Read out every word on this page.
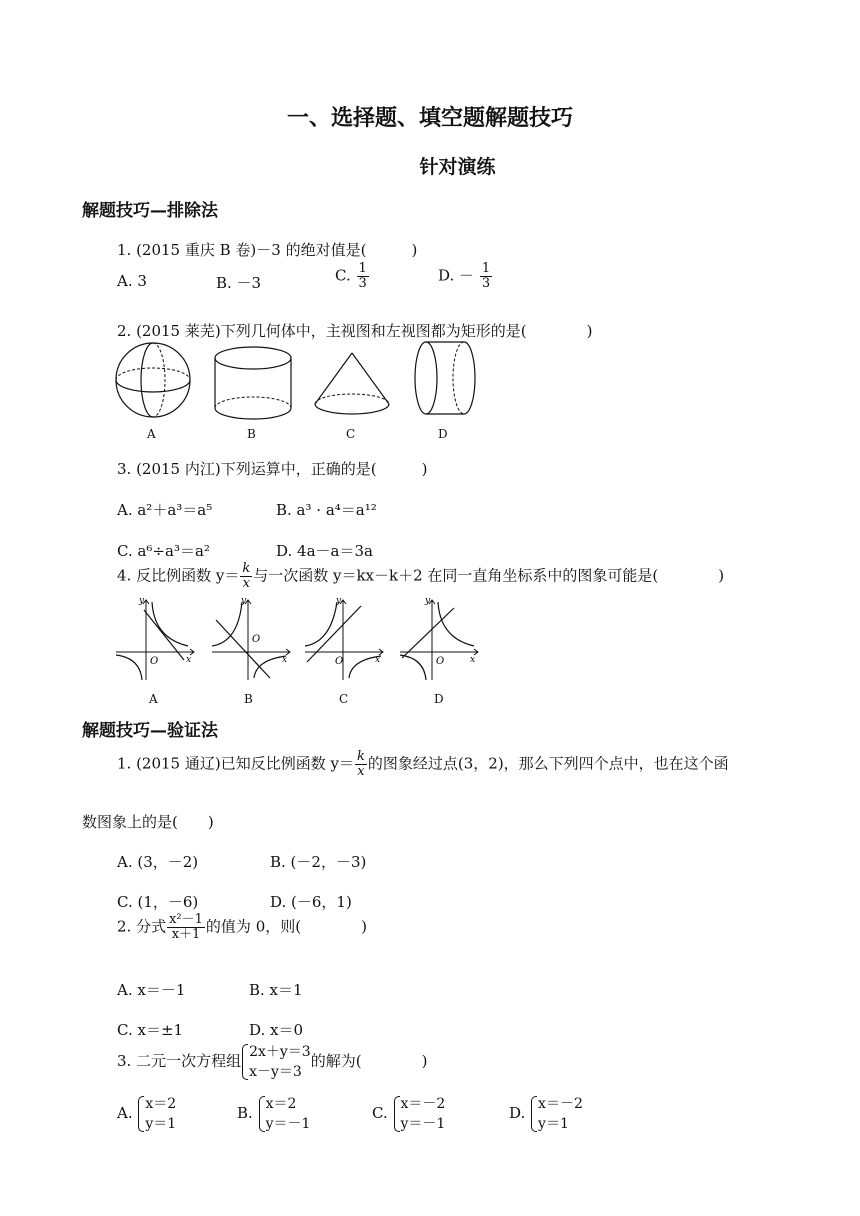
一、选择题、填空题解题技巧
针对演练
解题技巧—排除法
1. (2015 重庆 B 卷)－3 的绝对值是(　　　)
A. 3	B. －3	C. $\frac{1}{3}$	D. － $\frac{1}{3}$
2. (2015 莱芜)下列几何体中，主视图和左视图都为矩形的是(　　　　)
A	B	C	D
3. (2015 内江)下列运算中，正确的是(　　　)
A. a²＋a³＝a⁵	B. a³ · a⁴＝a¹²
C. a⁶÷a³＝a²	D. 4a－a＝3a
4. 反比例函数 $y= \frac{k}{x}$ 与一次函数 y＝kx－k＋2 在同一直角坐标系中的图象可能是(　　　　)
y
x
O
y
x
O
y
x
O
y
x
O
A	B	C	D
解题技巧—验证法
1. (2015 通辽)已知反比例函数 $y= \frac{k}{x}$ 的图象经过点(3，2)，那么下列四个点中，也在这个函
数图象上的是(　　)
A. (3，－2)	B. (－2，－3)
C. (1，－6)	D. (－6，1)
2. 分式 $\frac{\text{x²－1}}{x+1}$ 的值为 0，则(　　　　)
A. x＝－1	B. x＝1
C. x＝±1	D. x＝0
3. 二元一次方程组 2x＋y＝3
x－y＝3
的解为(　　　　)
A. x＝2
y＝1
B. x＝2
y＝－1
C. x＝－2
y＝－1
D. x＝－2
y＝1
